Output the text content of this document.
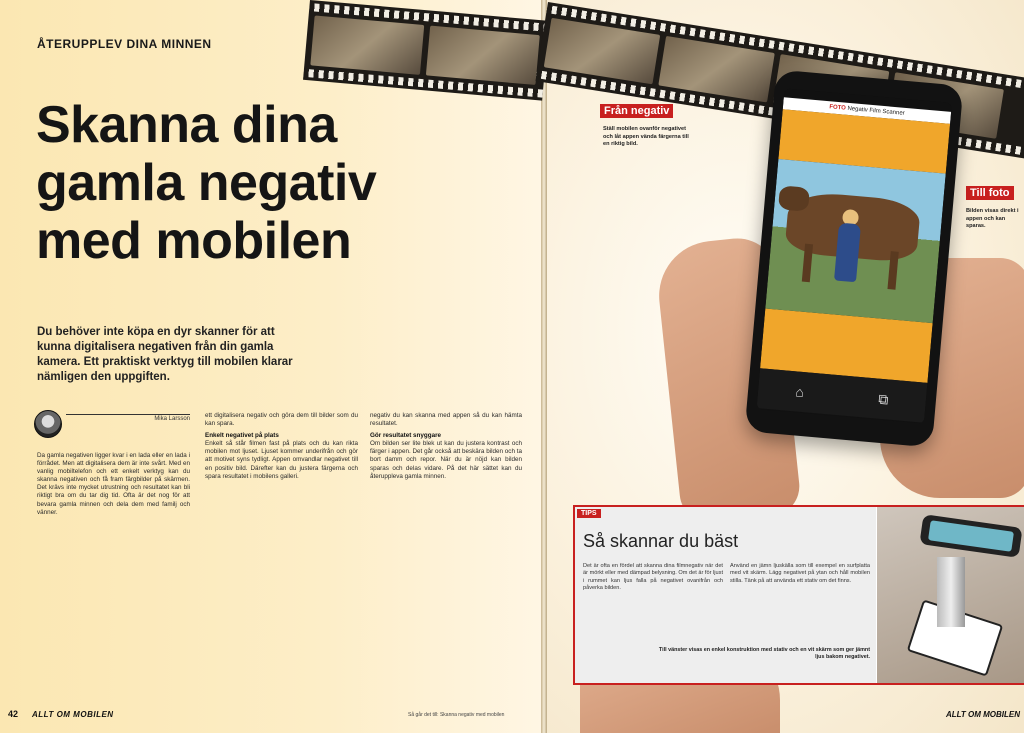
ÅTERUPPLEV DINA MINNEN
Skanna dina
gamla negativ
med mobilen
Du behöver inte köpa en dyr skanner för att kunna digitalisera negativen från din gamla kamera. Ett praktiskt verktyg till mobilen klarar nämligen den uppgiften.
Mika Larsson
Da gamla negativen ligger kvar i en lada eller en lada i förrådet. Men att digitalisera dem är inte svårt. Med en vanlig mobiltelefon och ett enkelt verktyg kan du skanna negativen och få fram färgbilder på skärmen. Det krävs inte mycket utrustning och resultatet kan bli riktigt bra om du tar dig tid. Ofta är det nog för att bevara gamla minnen och dela dem med familj och vänner.
ett digitalisera negativ och göra dem till bilder som du kan spara.
Enkelt negativet på plats
Enkelt så står filmen fast på plats och du kan rikta mobilen mot ljuset. Ljuset kommer underifrån och gör att motivet syns tydligt. Appen omvandlar negativet till en positiv bild. Därefter kan du justera färgerna och spara resultatet i mobilens galleri.
negativ du kan skanna med appen så du kan hämta resultatet.
Gör resultatet snyggare
Om bilden ser lite blek ut kan du justera kontrast och färger i appen. Det går också att beskära bilden och ta bort damm och repor. När du är nöjd kan bilden sparas och delas vidare. På det här sättet kan du återuppleva gamla minnen.
42 ALLT OM MOBILEN	Så går det till: Skanna negativ med mobilen
Från negativ
Ställ mobilen ovanför negativet och låt appen vända färgerna till en riktig bild.
Till foto
Bilden visas direkt i appen och kan sparas.
FOTO Negativ Film Scanner
⌂	⧉
TIPS
Så skannar du bäst
Det är ofta en fördel att skanna dina filmnegativ när det är mörkt eller med dämpad belysning. Om det är för ljust i rummet kan ljus falla på negativet ovanifrån och påverka bilden.
Använd en jämn ljuskälla som till exempel en surfplatta med vit skärm. Lägg negativet på ytan och håll mobilen stilla. Tänk på att använda ett stativ om det finns.
Till vänster visas en enkel konstruktion med stativ och en vit skärm som ger jämnt ljus bakom negativet.
ALLT OM MOBILEN
